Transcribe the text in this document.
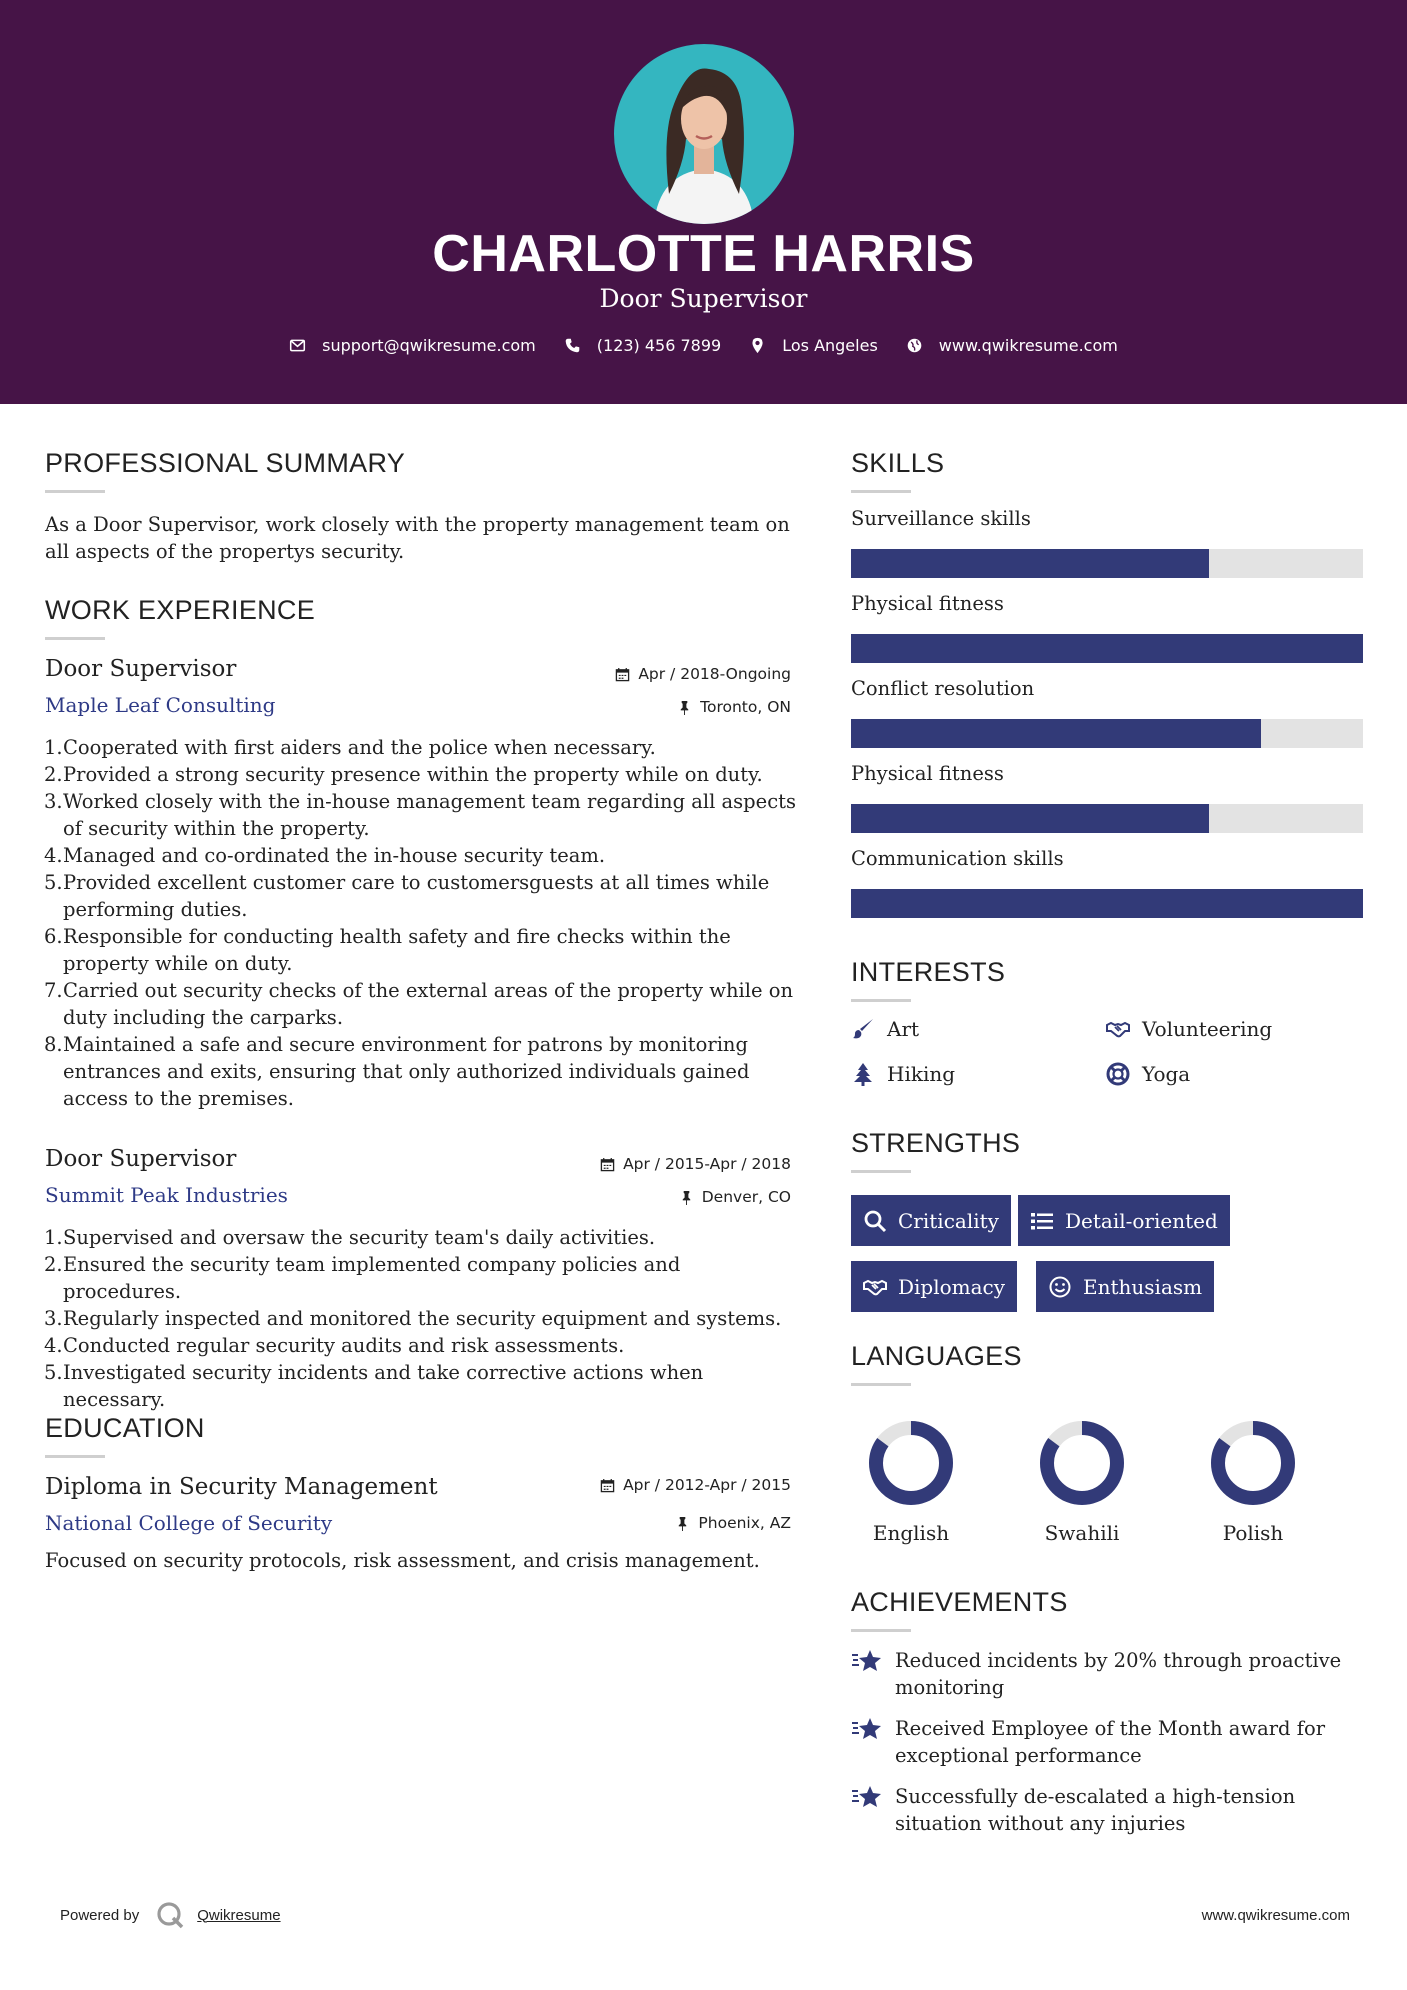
CHARLOTTE HARRIS
Door Supervisor
support@qwikresume.com	(123) 456 7899	Los Angeles	www.qwikresume.com
PROFESSIONAL SUMMARY
As a Door Supervisor, work closely with the property management team on
all aspects of the propertys security.
WORK EXPERIENCE
Door Supervisor
Maple Leaf Consulting
Apr / 2018-Ongoing
Toronto, ON
1. Cooperated with first aiders and the police when necessary.
2. Provided a strong security presence within the property while on duty.
3. Worked closely with the in-house management team regarding all aspects
of security within the property.
4. Managed and co-ordinated the in-house security team.
5. Provided excellent customer care to customersguests at all times while
performing duties.
6. Responsible for conducting health safety and fire checks within the
property while on duty.
7. Carried out security checks of the external areas of the property while on
duty including the carparks.
8. Maintained a safe and secure environment for patrons by monitoring
entrances and exits, ensuring that only authorized individuals gained
access to the premises.
Door Supervisor
Summit Peak Industries
Apr / 2015-Apr / 2018
Denver, CO
1. Supervised and oversaw the security team's daily activities.
2. Ensured the security team implemented company policies and procedures.
3. Regularly inspected and monitored the security equipment and systems.
4. Conducted regular security audits and risk assessments.
5. Investigated security incidents and take corrective actions when necessary.
EDUCATION
Diploma in Security Management
National College of Security
Apr / 2012-Apr / 2015
Phoenix, AZ
Focused on security protocols, risk assessment, and crisis management.
SKILLS
Surveillance skills
Physical fitness
Conflict resolution
Physical fitness
Communication skills
INTERESTS
Art	Volunteering
Hiking	Yoga
STRENGTHS
Criticality	Detail-oriented
Diplomacy	Enthusiasm
LANGUAGES
English	Swahili	Polish
ACHIEVEMENTS
Reduced incidents by 20% through proactive
monitoring
Received Employee of the Month award for
exceptional performance
Successfully de-escalated a high-tension
situation without any injuries
Powered by	Qwikresume	www.qwikresume.com
